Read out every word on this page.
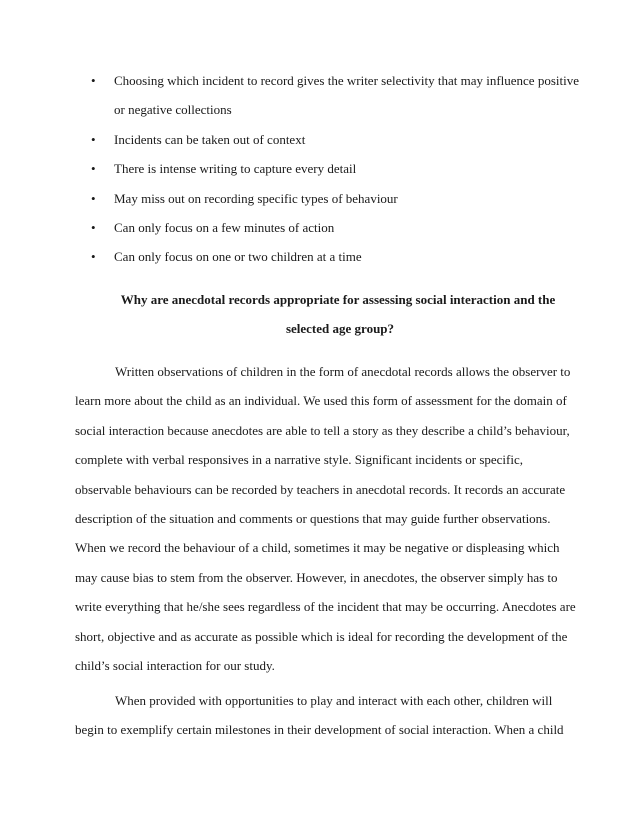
• Choosing which incident to record gives the writer selectivity that may influence positive
or negative collections
• Incidents can be taken out of context
• There is intense writing to capture every detail
• May miss out on recording specific types of behaviour
• Can only focus on a few minutes of action
• Can only focus on one or two children at a time
Why are anecdotal records appropriate for assessing social interaction and the
selected age group?

Written observations of children in the form of anecdotal records allows the observer to
learn more about the child as an individual. We used this form of assessment for the domain of
social interaction because anecdotes are able to tell a story as they describe a child’s behaviour,
complete with verbal responsives in a narrative style. Significant incidents or specific,
observable behaviours can be recorded by teachers in anecdotal records. It records an accurate
description of the situation and comments or questions that may guide further observations.
When we record the behaviour of a child, sometimes it may be negative or displeasing which
may cause bias to stem from the observer. However, in anecdotes, the observer simply has to
write everything that he/she sees regardless of the incident that may be occurring. Anecdotes are
short, objective and as accurate as possible which is ideal for recording the development of the
child’s social interaction for our study.

When provided with opportunities to play and interact with each other, children will
begin to exemplify certain milestones in their development of social interaction. When a child
